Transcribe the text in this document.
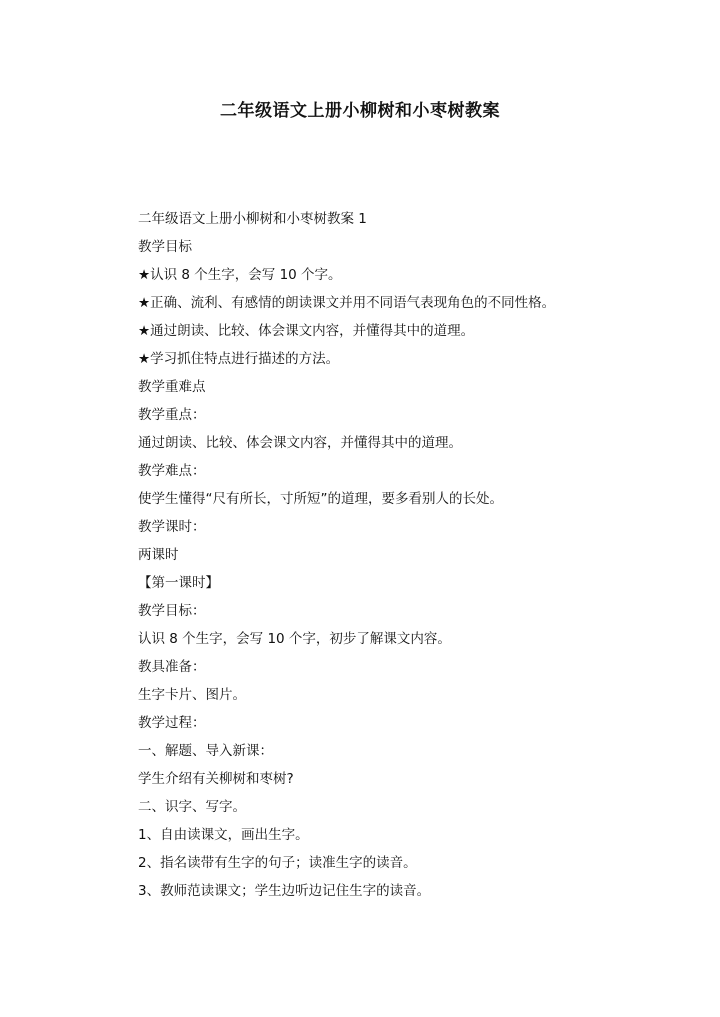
二年级语文上册小柳树和小枣树教案
二年级语文上册小柳树和小枣树教案 1
教学目标
★认识 8 个生字，会写 10 个字。
★正确、流利、有感情的朗读课文并用不同语气表现角色的不同性格。
★通过朗读、比较、体会课文内容，并懂得其中的道理。
★学习抓住特点进行描述的方法。
教学重难点
教学重点：
通过朗读、比较、体会课文内容，并懂得其中的道理。
教学难点：
使学生懂得“尺有所长，寸所短”的道理，要多看别人的长处。
教学课时：
两课时
【第一课时】
教学目标：
认识 8 个生字，会写 10 个字，初步了解课文内容。
教具准备：
生字卡片、图片。
教学过程：
一、解题、导入新课：
学生介绍有关柳树和枣树?
二、识字、写字。
1、自由读课文，画出生字。
2、指名读带有生字的句子；读准生字的读音。
3、教师范读课文；学生边听边记住生字的读音。
